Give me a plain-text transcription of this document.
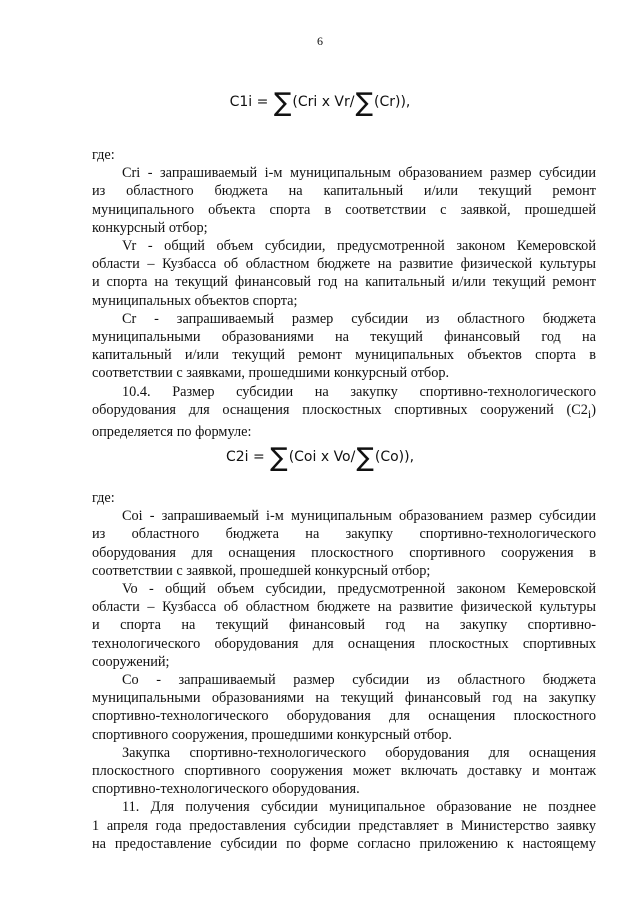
6
C1i = ∑(Cri x Vr/∑(Cr)),

где:

Cri - запрашиваемый i-м муниципальным образованием размер субсидии

из областного бюджета на капитальный и/или текущий ремонт

муниципального объекта спорта в соответствии с заявкой, прошедшей

конкурсный отбор;

Vr - общий объем субсидии, предусмотренной законом Кемеровской

области – Кузбасса об областном бюджете на развитие физической культуры

и спорта на текущий финансовый год на капитальный и/или текущий ремонт

муниципальных объектов спорта;

Cr - запрашиваемый размер субсидии из областного бюджета

муниципальными образованиями на текущий финансовый год на

капитальный и/или текущий ремонт муниципальных объектов спорта в

соответствии с заявками, прошедшими конкурсный отбор.

10.4. Размер субсидии на закупку спортивно-технологического

оборудования для оснащения плоскостных спортивных сооружений $(C2_i)$

определяется по формуле:

C2i = ∑(Coi x Vo/∑(Co)),

где:

Coi - запрашиваемый i-м муниципальным образованием размер субсидии

из областного бюджета на закупку спортивно-технологического

оборудования для оснащения плоскостного спортивного сооружения в

соответствии с заявкой, прошедшей конкурсный отбор;

Vo - общий объем субсидии, предусмотренной законом Кемеровской

области – Кузбасса об областном бюджете на развитие физической культуры

и спорта на текущий финансовый год на закупку спортивно-

технологического оборудования для оснащения плоскостных спортивных

сооружений;

Co - запрашиваемый размер субсидии из областного бюджета

муниципальными образованиями на текущий финансовый год на закупку

спортивно-технологического оборудования для оснащения плоскостного

спортивного сооружения, прошедшими конкурсный отбор.

Закупка спортивно-технологического оборудования для оснащения

плоскостного спортивного сооружения может включать доставку и монтаж

спортивно-технологического оборудования.

11. Для получения субсидии муниципальное образование не позднее

1 апреля года предоставления субсидии представляет в Министерство заявку

на предоставление субсидии по форме согласно приложению к настоящему
